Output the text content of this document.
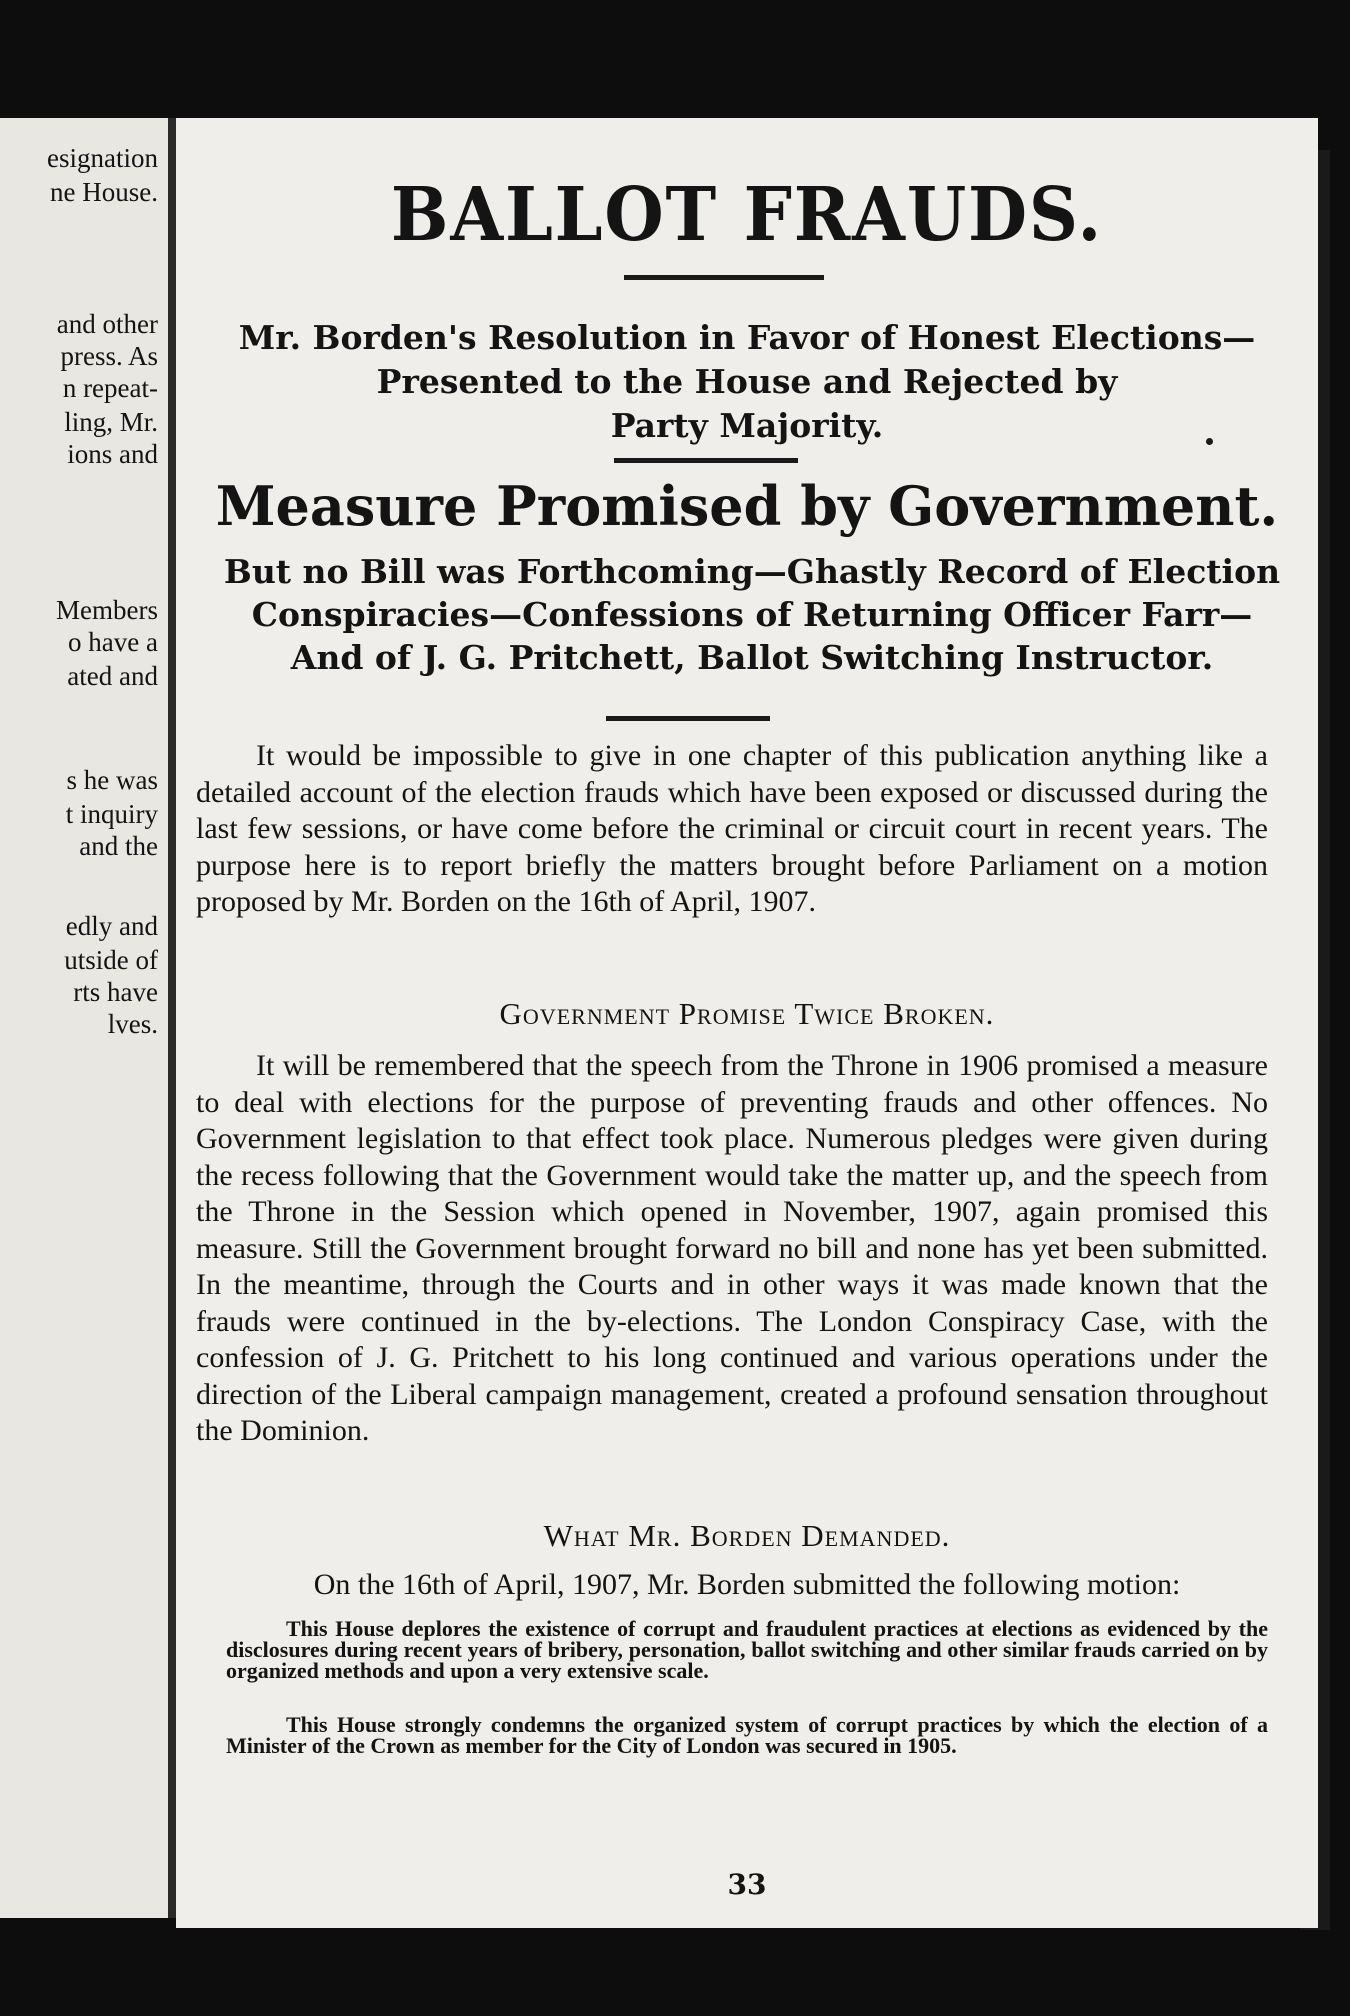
esignation
ne House.
and other
press. As
n repeat-
ling, Mr.
ions and
Members
o have a
ated and
s he was
t inquiry
and the
edly and
utside of
rts have
lves.
BALLOT FRAUDS.
Mr. Borden's Resolution in Favor of Honest Elections—
Presented to the House and Rejected by
Party Majority.
Measure Promised by Government.
But no Bill was Forthcoming—Ghastly Record of Election
Conspiracies—Confessions of Returning Officer Farr—
And of J. G. Pritchett, Ballot Switching Instructor.
It would be impossible to give in one chapter of this publication anything like a detailed account of the election frauds which have been exposed or discussed during the last few sessions, or have come before the criminal or circuit court in recent years. The purpose here is to report briefly the matters brought before Parliament on a motion proposed by Mr. Borden on the 16th of April, 1907.
Government Promise Twice Broken.
It will be remembered that the speech from the Throne in 1906 promised a measure to deal with elections for the purpose of preventing frauds and other offences. No Government legislation to that effect took place. Numerous pledges were given during the recess following that the Government would take the matter up, and the speech from the Throne in the Session which opened in November, 1907, again promised this measure. Still the Government brought forward no bill and none has yet been submitted. In the meantime, through the Courts and in other ways it was made known that the frauds were continued in the by-elections. The London Conspiracy Case, with the confession of J. G. Pritchett to his long continued and various operations under the direction of the Liberal campaign management, created a profound sensation throughout the Dominion.
What Mr. Borden Demanded.
On the 16th of April, 1907, Mr. Borden submitted the following motion:
This House deplores the existence of corrupt and fraudulent practices at elections as evidenced by the disclosures during recent years of bribery, personation, ballot switching and other similar frauds carried on by organized methods and upon a very extensive scale.
This House strongly condemns the organized system of corrupt practices by which the election of a Minister of the Crown as member for the City of London was secured in 1905.
33
